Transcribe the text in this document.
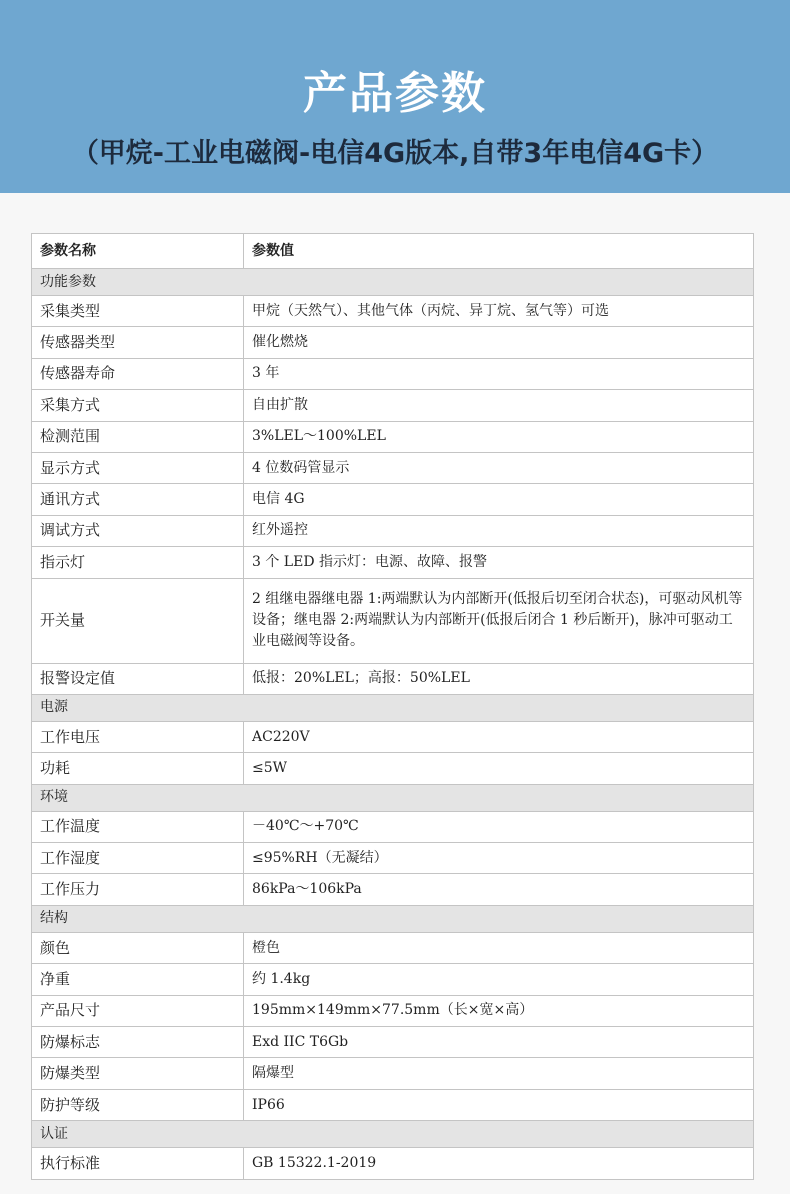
产品参数
（甲烷-工业电磁阀-电信4G版本,自带3年电信4G卡）
参数名称	参数值
功能参数	
采集类型	甲烷（天然气）、其他气体（丙烷、异丁烷、氢气等）可选
传感器类型	催化燃烧
传感器寿命	3 年
采集方式	自由扩散
检测范围	3%LEL～100%LEL
显示方式	4 位数码管显示
通讯方式	电信 4G
调试方式	红外遥控
指示灯	3 个 LED 指示灯：电源、故障、报警
开关量	2 组继电器继电器 1:两端默认为内部断开(低报后切至闭合状态)，可驱动风机等设备；继电器 2:两端默认为内部断开(低报后闭合 1 秒后断开)，脉冲可驱动工业电磁阀等设备。
报警设定值	低报：20%LEL；高报：50%LEL
电源	
工作电压	AC220V
功耗	≤5W
环境	
工作温度	－40℃～+70℃
工作湿度	≤95%RH（无凝结）
工作压力	86kPa～106kPa
结构	
颜色	橙色
净重	约 1.4kg
产品尺寸	195mm×149mm×77.5mm（长×宽×高）
防爆标志	Exd IIC T6Gb
防爆类型	隔爆型
防护等级	IP66
认证	
执行标准	GB 15322.1-2019
